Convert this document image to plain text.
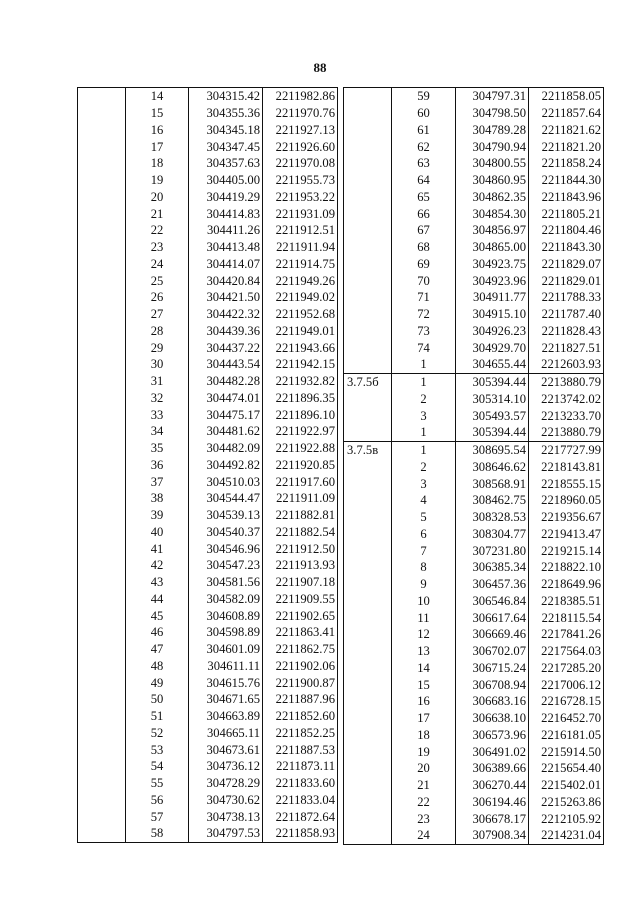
88
	14	304315.42	2211982.86
	15	304355.36	2211970.76
	16	304345.18	2211927.13
	17	304347.45	2211926.60
	18	304357.63	2211970.08
	19	304405.00	2211955.73
	20	304419.29	2211953.22
	21	304414.83	2211931.09
	22	304411.26	2211912.51
	23	304413.48	2211911.94
	24	304414.07	2211914.75
	25	304420.84	2211949.26
	26	304421.50	2211949.02
	27	304422.32	2211952.68
	28	304439.36	2211949.01
	29	304437.22	2211943.66
	30	304443.54	2211942.15
	31	304482.28	2211932.82
	32	304474.01	2211896.35
	33	304475.17	2211896.10
	34	304481.62	2211922.97
	35	304482.09	2211922.88
	36	304492.82	2211920.85
	37	304510.03	2211917.60
	38	304544.47	2211911.09
	39	304539.13	2211882.81
	40	304540.37	2211882.54
	41	304546.96	2211912.50
	42	304547.23	2211913.93
	43	304581.56	2211907.18
	44	304582.09	2211909.55
	45	304608.89	2211902.65
	46	304598.89	2211863.41
	47	304601.09	2211862.75
	48	304611.11	2211902.06
	49	304615.76	2211900.87
	50	304671.65	2211887.96
	51	304663.89	2211852.60
	52	304665.11	2211852.25
	53	304673.61	2211887.53
	54	304736.12	2211873.11
	55	304728.29	2211833.60
	56	304730.62	2211833.04
	57	304738.13	2211872.64
	58	304797.53	2211858.93
	59	304797.31	2211858.05
	60	304798.50	2211857.64
	61	304789.28	2211821.62
	62	304790.94	2211821.20
	63	304800.55	2211858.24
	64	304860.95	2211844.30
	65	304862.35	2211843.96
	66	304854.30	2211805.21
	67	304856.97	2211804.46
	68	304865.00	2211843.30
	69	304923.75	2211829.07
	70	304923.96	2211829.01
	71	304911.77	2211788.33
	72	304915.10	2211787.40
	73	304926.23	2211828.43
	74	304929.70	2211827.51
	1	304655.44	2212603.93
3.7.5б	1	305394.44	2213880.79
	2	305314.10	2213742.02
	3	305493.57	2213233.70
	1	305394.44	2213880.79
3.7.5в	1	308695.54	2217727.99
	2	308646.62	2218143.81
	3	308568.91	2218555.15
	4	308462.75	2218960.05
	5	308328.53	2219356.67
	6	308304.77	2219413.47
	7	307231.80	2219215.14
	8	306385.34	2218822.10
	9	306457.36	2218649.96
	10	306546.84	2218385.51
	11	306617.64	2218115.54
	12	306669.46	2217841.26
	13	306702.07	2217564.03
	14	306715.24	2217285.20
	15	306708.94	2217006.12
	16	306683.16	2216728.15
	17	306638.10	2216452.70
	18	306573.96	2216181.05
	19	306491.02	2215914.50
	20	306389.66	2215654.40
	21	306270.44	2215402.01
	22	306194.46	2215263.86
	23	306678.17	2212105.92
	24	307908.34	2214231.04
